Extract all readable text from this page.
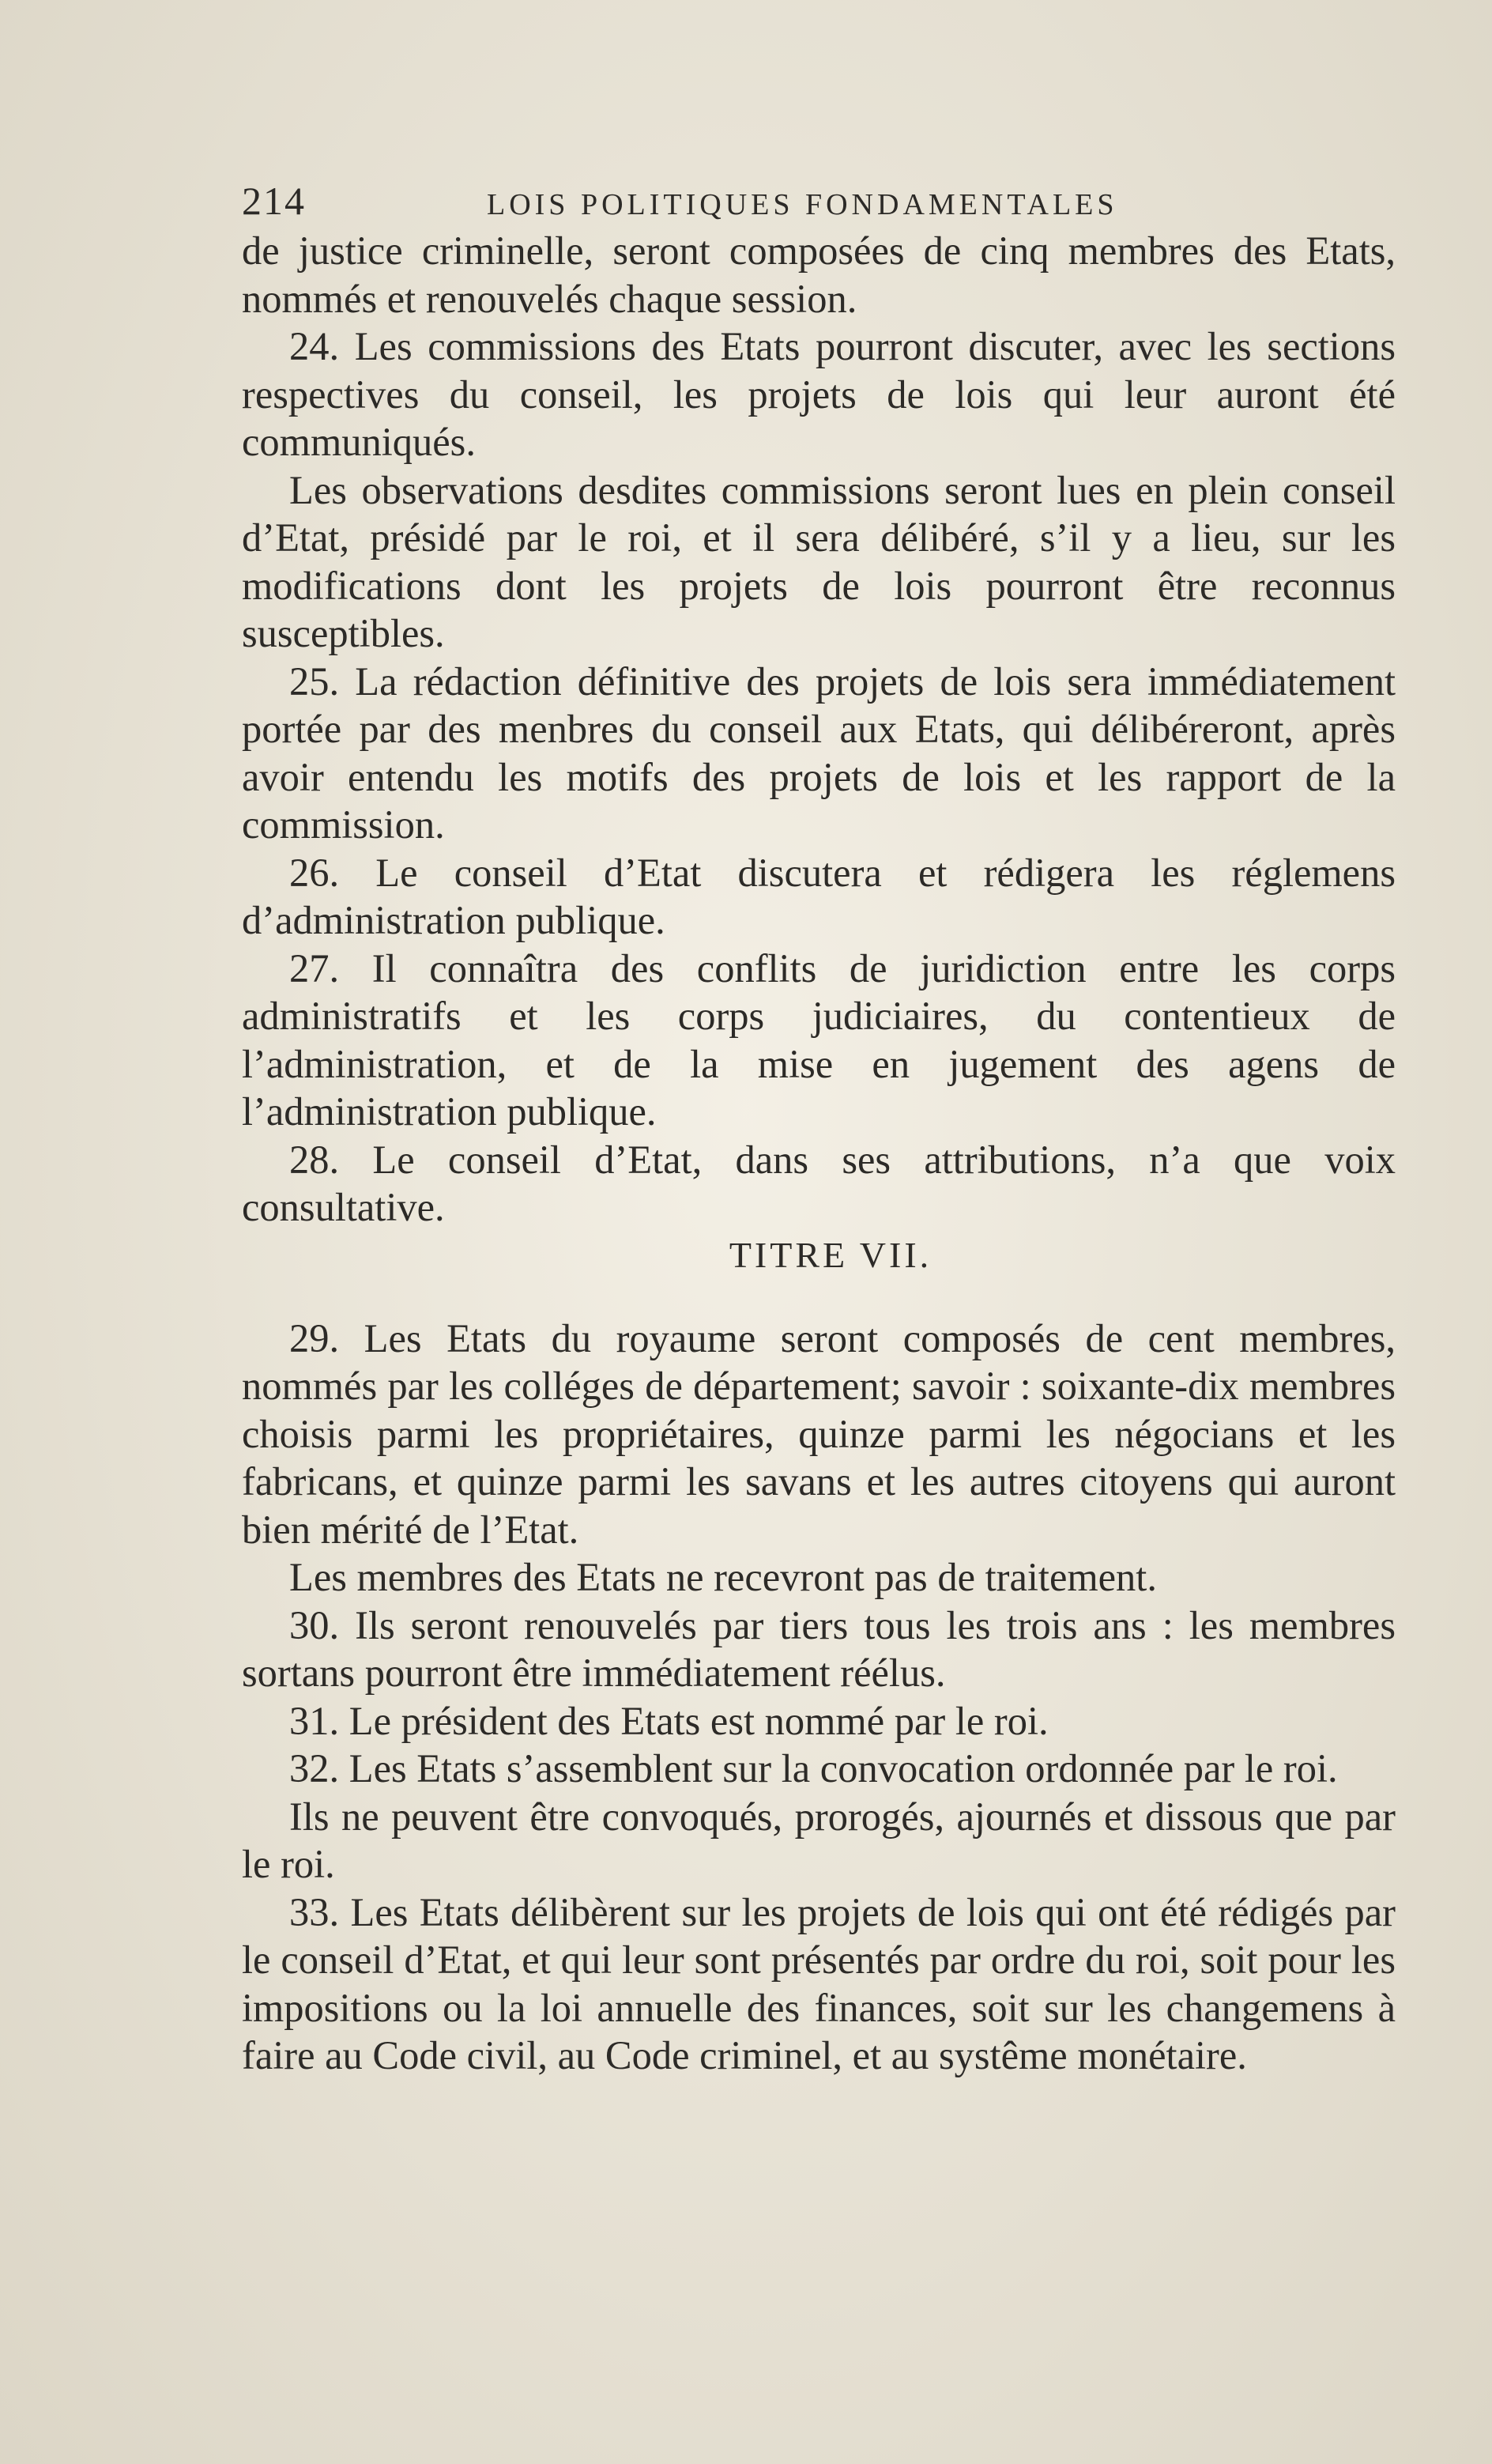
214	LOIS POLITIQUES FONDAMENTALES

de justice criminelle, seront composées de cinq membres des Etats, nommés et renouvelés chaque session.

24. Les commissions des Etats pourront discuter, avec les sections respectives du conseil, les projets de lois qui leur auront été communiqués.

Les observations desdites commissions seront lues en plein conseil d’Etat, présidé par le roi, et il sera délibéré, s’il y a lieu, sur les modifications dont les projets de lois pourront être reconnus susceptibles.

25. La rédaction définitive des projets de lois sera immédiatement portée par des menbres du conseil aux Etats, qui délibéreront, après avoir entendu les motifs des projets de lois et les rapport de la commission.

26. Le conseil d’Etat discutera et rédigera les réglemens d’administration publique.

27. Il connaîtra des conflits de juridiction entre les corps administratifs et les corps judiciaires, du contentieux de l’administration, et de la mise en jugement des agens de l’administration publique.

28. Le conseil d’Etat, dans ses attributions, n’a que voix consultative.

TITRE VII.

29. Les Etats du royaume seront composés de cent membres, nommés par les colléges de département; savoir : soixante-dix membres choisis parmi les propriétaires, quinze parmi les négocians et les fabricans, et quinze parmi les savans et les autres citoyens qui auront bien mérité de l’Etat.

Les membres des Etats ne recevront pas de traitement.

30. Ils seront renouvelés par tiers tous les trois ans : les membres sortans pourront être immédiatement réélus.

31. Le président des Etats est nommé par le roi.

32. Les Etats s’assemblent sur la convocation ordonnée par le roi.

Ils ne peuvent être convoqués, prorogés, ajournés et dissous que par le roi.

33. Les Etats délibèrent sur les projets de lois qui ont été rédigés par le conseil d’Etat, et qui leur sont présentés par ordre du roi, soit pour les impositions ou la loi annuelle des finances, soit sur les changemens à faire au Code civil, au Code criminel, et au systême monétaire.
